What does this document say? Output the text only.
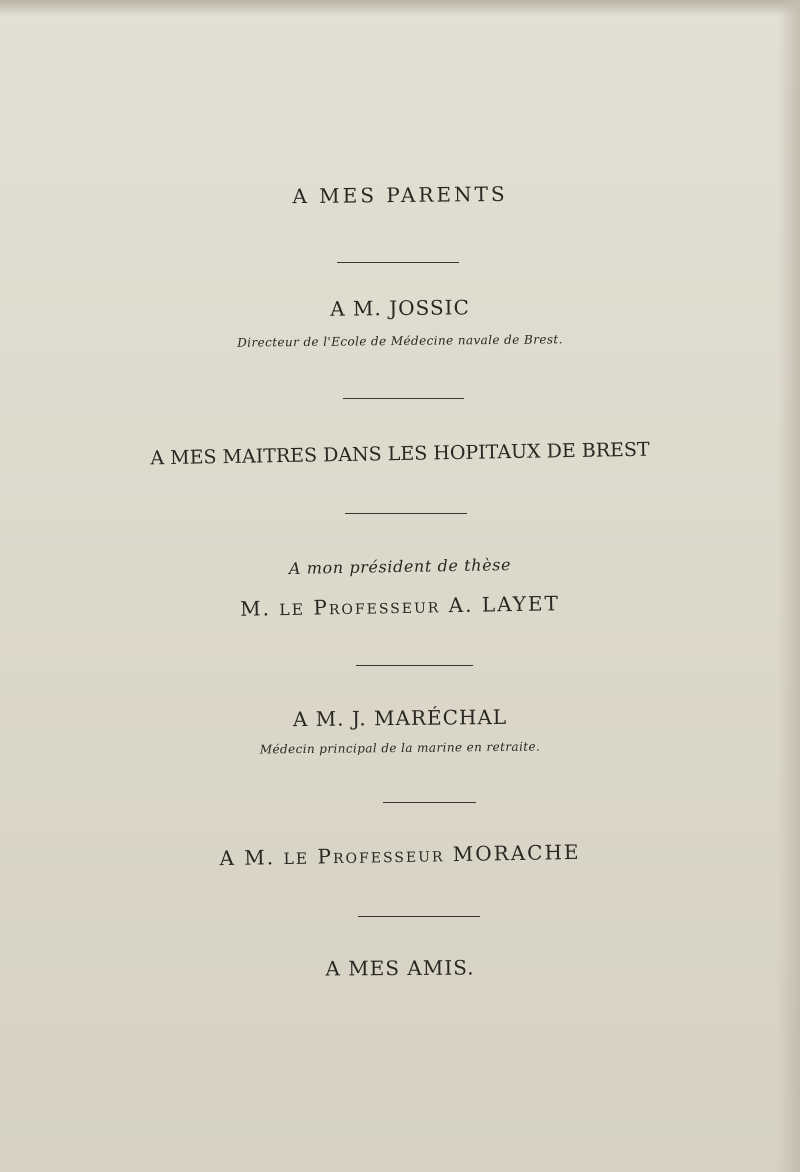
A MES PARENTS
A M. JOSSIC
Directeur de l'Ecole de Médecine navale de Brest.
A MES MAITRES DANS LES HOPITAUX DE BREST
A mon président de thèse
M. LE Professeur A. LAYET
A M. J. MARÉCHAL
Médecin principal de la marine en retraite.
A M. LE Professeur MORACHE
A MES AMIS.
